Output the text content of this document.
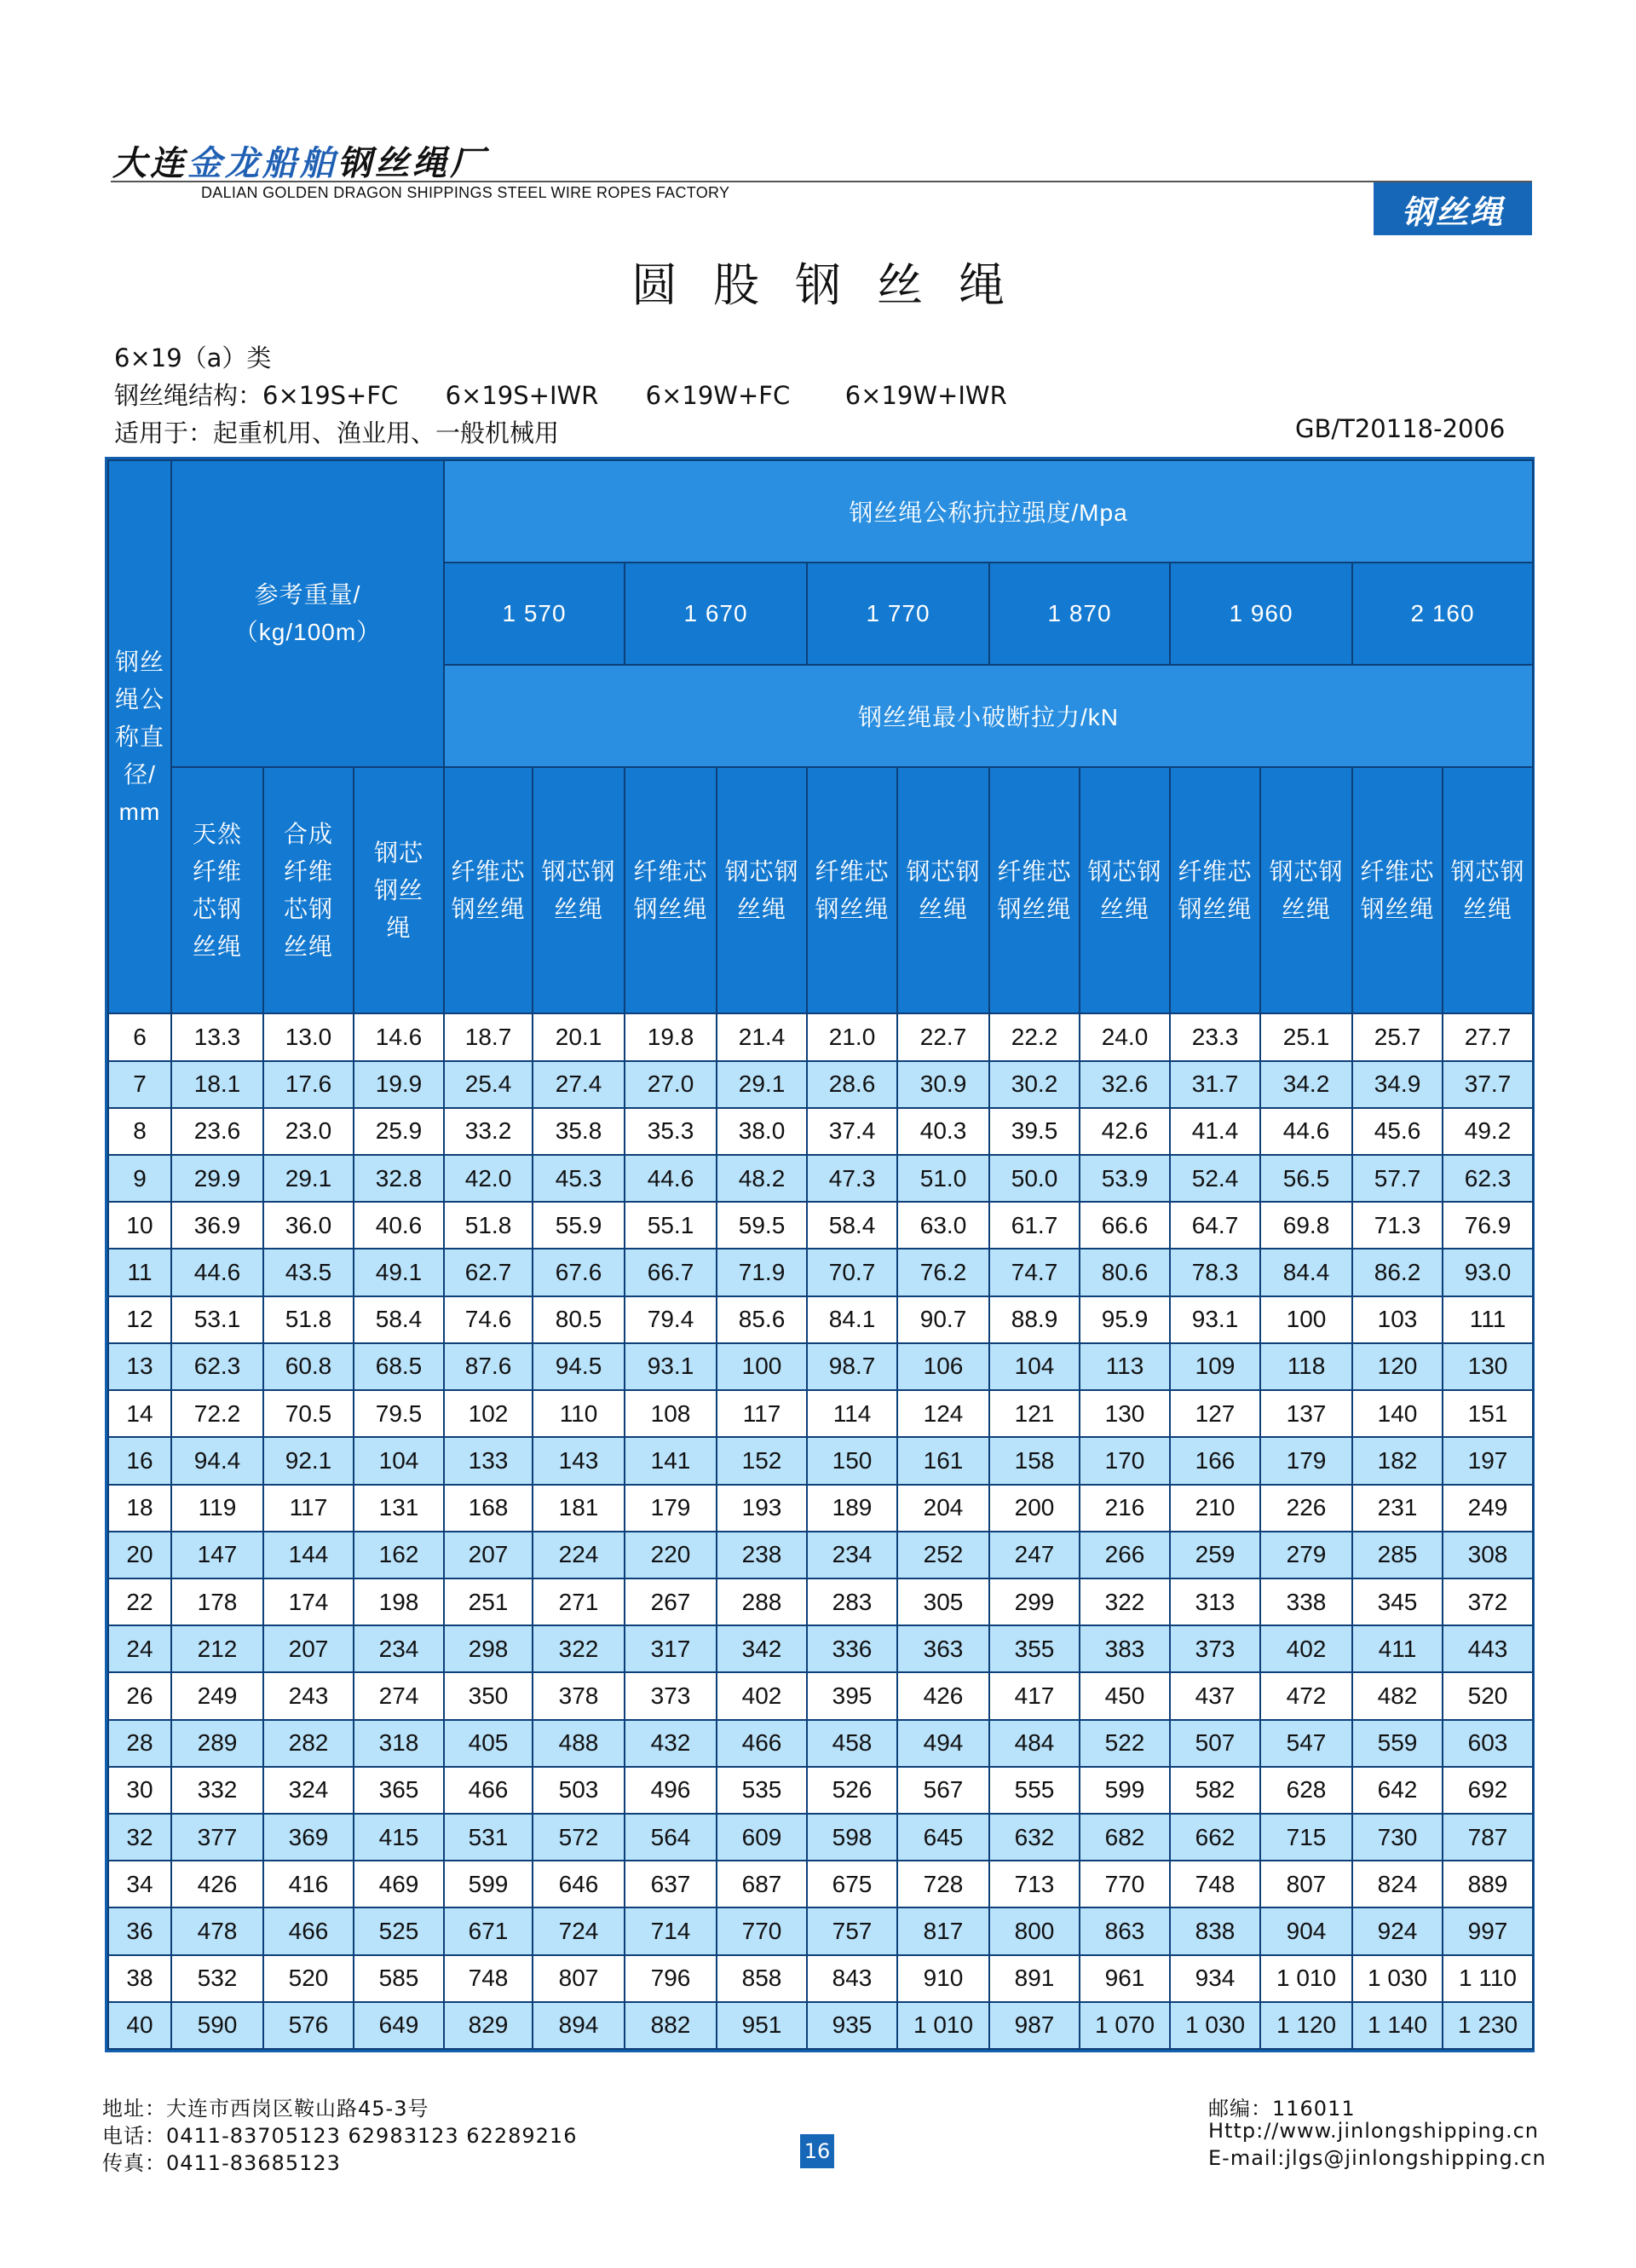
大连金龙船舶钢丝绳厂
DALIAN GOLDEN DRAGON SHIPPINGS STEEL WIRE ROPES FACTORY
钢丝绳
圆股钢丝绳
6×19（a）类
钢丝绳结构：6×19S+FC      6×19S+IWR      6×19W+FC       6×19W+IWR
适用于：起重机用、渔业用、一般机械用	GB/T20118-2006
钢丝绳公称直径/mm	参考重量/（kg/100m）			钢丝绳公称抗拉强度/Mpa											
				1 570		1 670		1 770		1 870		1 960		2 160	
				钢丝绳最小破断拉力/kN											
	天然纤维芯钢丝绳	合成纤维芯钢丝绳	钢芯钢丝绳	纤维芯钢丝绳	钢芯钢丝绳	纤维芯钢丝绳	钢芯钢丝绳	纤维芯钢丝绳	钢芯钢丝绳	纤维芯钢丝绳	钢芯钢丝绳	纤维芯钢丝绳	钢芯钢丝绳	纤维芯钢丝绳	钢芯钢丝绳
6	13.3	13.0	14.6	18.7	20.1	19.8	21.4	21.0	22.7	22.2	24.0	23.3	25.1	25.7	27.7
7	18.1	17.6	19.9	25.4	27.4	27.0	29.1	28.6	30.9	30.2	32.6	31.7	34.2	34.9	37.7
8	23.6	23.0	25.9	33.2	35.8	35.3	38.0	37.4	40.3	39.5	42.6	41.4	44.6	45.6	49.2
9	29.9	29.1	32.8	42.0	45.3	44.6	48.2	47.3	51.0	50.0	53.9	52.4	56.5	57.7	62.3
10	36.9	36.0	40.6	51.8	55.9	55.1	59.5	58.4	63.0	61.7	66.6	64.7	69.8	71.3	76.9
11	44.6	43.5	49.1	62.7	67.6	66.7	71.9	70.7	76.2	74.7	80.6	78.3	84.4	86.2	93.0
12	53.1	51.8	58.4	74.6	80.5	79.4	85.6	84.1	90.7	88.9	95.9	93.1	100	103	111
13	62.3	60.8	68.5	87.6	94.5	93.1	100	98.7	106	104	113	109	118	120	130
14	72.2	70.5	79.5	102	110	108	117	114	124	121	130	127	137	140	151
16	94.4	92.1	104	133	143	141	152	150	161	158	170	166	179	182	197
18	119	117	131	168	181	179	193	189	204	200	216	210	226	231	249
20	147	144	162	207	224	220	238	234	252	247	266	259	279	285	308
22	178	174	198	251	271	267	288	283	305	299	322	313	338	345	372
24	212	207	234	298	322	317	342	336	363	355	383	373	402	411	443
26	249	243	274	350	378	373	402	395	426	417	450	437	472	482	520
28	289	282	318	405	488	432	466	458	494	484	522	507	547	559	603
30	332	324	365	466	503	496	535	526	567	555	599	582	628	642	692
32	377	369	415	531	572	564	609	598	645	632	682	662	715	730	787
34	426	416	469	599	646	637	687	675	728	713	770	748	807	824	889
36	478	466	525	671	724	714	770	757	817	800	863	838	904	924	997
38	532	520	585	748	807	796	858	843	910	891	961	934	1 010	1 030	1 110
40	590	576	649	829	894	882	951	935	1 010	987	1 070	1 030	1 120	1 140	1 230
地址：大连市西岗区鞍山路45-3号
电话：0411-83705123 62983123 62289216
传真：0411-83685123
邮编：116011
Http://www.jinlongshipping.cn
E-mail:jlgs@jinlongshipping.cn
16
